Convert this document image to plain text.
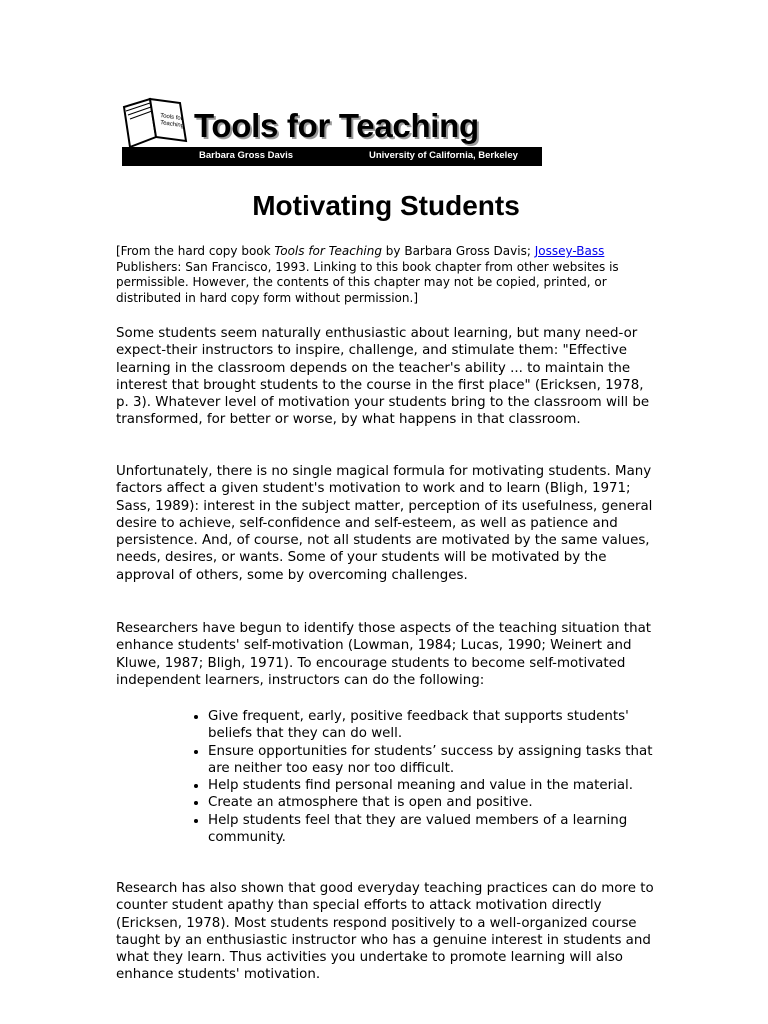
Tools for
Teaching Tools for Teaching
Barbara Gross Davis	University of California, Berkeley
Motivating Students

[From the hard copy book Tools for Teaching by Barbara Gross Davis; Jossey-Bass Publishers: San Francisco, 1993. Linking to this book chapter from other websites is permissible. However, the contents of this chapter may not be copied, printed, or distributed in hard copy form without permission.]

Some students seem naturally enthusiastic about learning, but many need-or expect-their instructors to inspire, challenge, and stimulate them: "Effective learning in the classroom depends on the teacher's ability ... to maintain the interest that brought students to the course in the first place" (Ericksen, 1978, p. 3). Whatever level of motivation your students bring to the classroom will be transformed, for better or worse, by what happens in that classroom.

Unfortunately, there is no single magical formula for motivating students. Many factors affect a given student's motivation to work and to learn (Bligh, 1971; Sass, 1989): interest in the subject matter, perception of its usefulness, general desire to achieve, self-confidence and self-esteem, as well as patience and persistence. And, of course, not all students are motivated by the same values, needs, desires, or wants. Some of your students will be motivated by the approval of others, some by overcoming challenges.

Researchers have begun to identify those aspects of the teaching situation that enhance students' self-motivation (Lowman, 1984; Lucas, 1990; Weinert and Kluwe, 1987; Bligh, 1971). To encourage students to become self-motivated independent learners, instructors can do the following:

• Give frequent, early, positive feedback that supports students' beliefs that they can do well.
• Ensure opportunities for students’ success by assigning tasks that are neither too easy nor too difficult.
• Help students find personal meaning and value in the material.
• Create an atmosphere that is open and positive.
• Help students feel that they are valued members of a learning community.

Research has also shown that good everyday teaching practices can do more to counter student apathy than special efforts to attack motivation directly (Ericksen, 1978). Most students respond positively to a well-organized course taught by an enthusiastic instructor who has a genuine interest in students and what they learn. Thus activities you undertake to promote learning will also enhance students' motivation.
